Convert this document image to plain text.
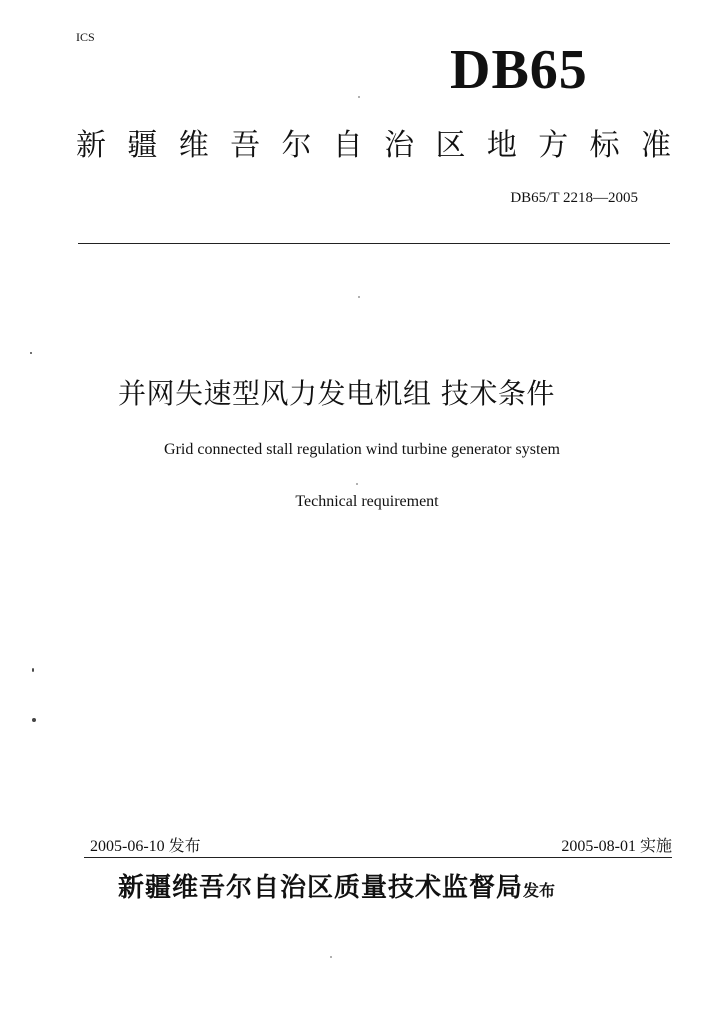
ICS
DB65
新 疆 维 吾 尔 自 治 区 地 方 标 准
DB65/T 2218—2005
并网失速型风力发电机组 技术条件
Grid connected stall regulation wind turbine generator system
Technical requirement
2005-06-10 发布	2005-08-01 实施
新疆维吾尔自治区质量技术监督局发布
